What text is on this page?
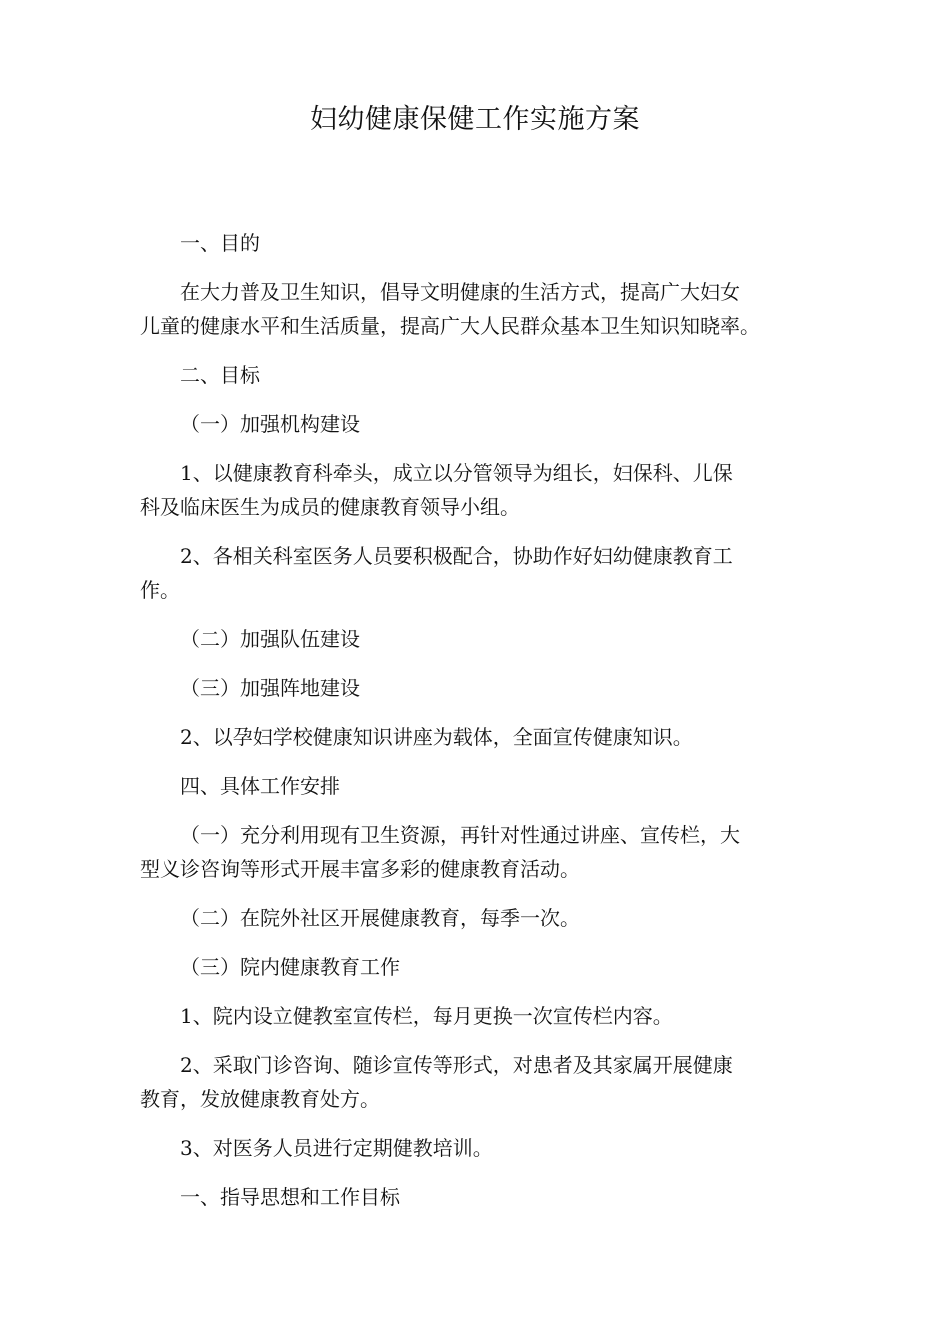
妇幼健康保健工作实施方案

一、目的

在大力普及卫生知识，倡导文明健康的生活方式，提高广大妇女
儿童的健康水平和生活质量，提高广大人民群众基本卫生知识知晓率。

二、目标

（一）加强机构建设

1、以健康教育科牵头，成立以分管领导为组长，妇保科、儿保
科及临床医生为成员的健康教育领导小组。

2、各相关科室医务人员要积极配合，协助作好妇幼健康教育工
作。

（二）加强队伍建设

（三）加强阵地建设

2、以孕妇学校健康知识讲座为载体，全面宣传健康知识。

四、具体工作安排

（一）充分利用现有卫生资源，再针对性通过讲座、宣传栏，大
型义诊咨询等形式开展丰富多彩的健康教育活动。

（二）在院外社区开展健康教育，每季一次。

（三）院内健康教育工作

1、院内设立健教室宣传栏，每月更换一次宣传栏内容。

2、采取门诊咨询、随诊宣传等形式，对患者及其家属开展健康
教育，发放健康教育处方。

3、对医务人员进行定期健教培训。

一、指导思想和工作目标
